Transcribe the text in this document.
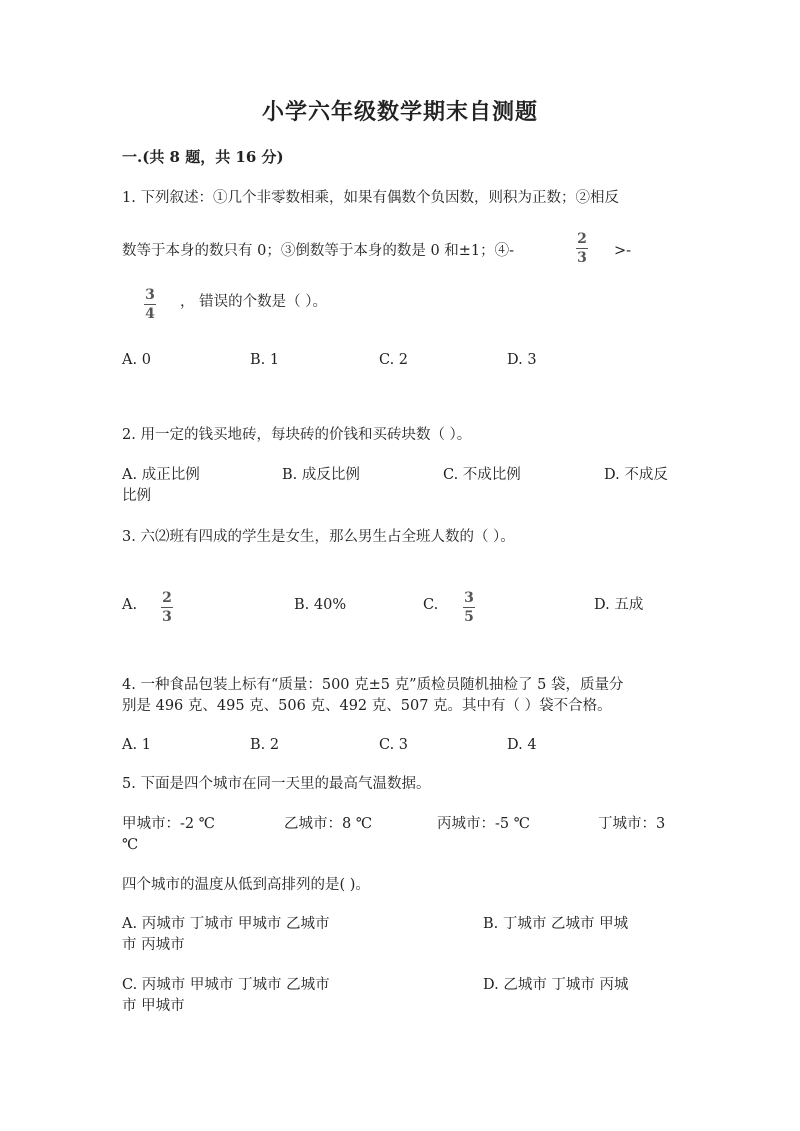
小学六年级数学期末自测题
一.(共 8 题，共 16 分)
1. 下列叙述：①几个非零数相乘，如果有偶数个负因数，则积为正数；②相反
数等于本身的数只有 0；③倒数等于本身的数是 0 和±1；④-
2
3 >-
3
4
， 错误的个数是（ ）。
A. 0	B. 1	C. 2	D. 3
2. 用一定的钱买地砖，每块砖的价钱和买砖块数（ ）。
A. 成正比例	B. 成反比例	C. 不成比例	D. 不成反
比例
3. 六⑵班有四成的学生是女生，那么男生占全班人数的（ ）。
A. 2
3
B. 40%	C. 3
5
D. 五成
4. 一种食品包装上标有“质量：500 克±5 克”质检员随机抽检了 5 袋，质量分
别是 496 克、495 克、506 克、492 克、507 克。其中有（ ）袋不合格。
A. 1	B. 2	C. 3	D. 4
5. 下面是四个城市在同一天里的最高气温数据。
甲城市：-2 ℃	乙城市：8 ℃	丙城市：-5 ℃	丁城市：3
℃
四个城市的温度从低到高排列的是( )。
A. 丙城市 丁城市 甲城市 乙城市	B. 丁城市 乙城市 甲城
市 丙城市
C. 丙城市 甲城市 丁城市 乙城市	D. 乙城市 丁城市 丙城
市 甲城市
